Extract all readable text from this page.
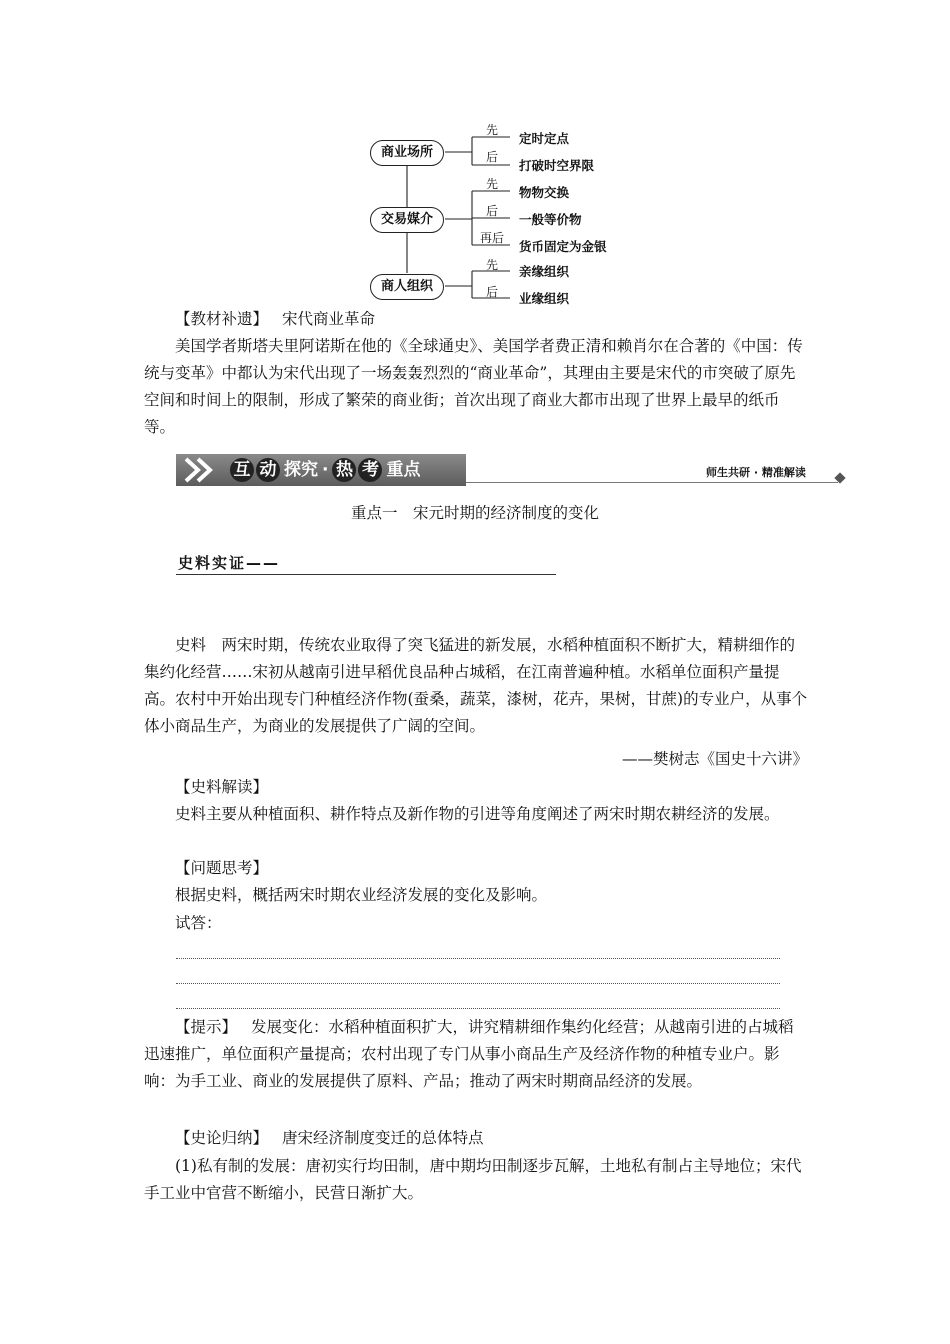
商业场所
交易媒介
商人组织
先
定时定点
后
打破时空界限
先
物物交换
后
一般等价物
再后
货币固定为金银
先 亲缘组织
后 业缘组织
【教材补遗】 宋代商业革命
美国学者斯塔夫里阿诺斯在他的《全球通史》、美国学者费正清和赖肖尔在合著的《中国：传统与变革》中都认为宋代出现了一场轰轰烈烈的“商业革命”，其理由主要是宋代的市突破了原先空间和时间上的限制，形成了繁荣的商业街；首次出现了商业大都市出现了世界上最早的纸币等。
互 动 探究 · 热 考 重点	师生共研 · 精准解读
重点一　宋元时期的经济制度的变化
史料实证——
史料　两宋时期，传统农业取得了突飞猛进的新发展，水稻种植面积不断扩大，精耕细作的集约化经营……宋初从越南引进早稻优良品种占城稻，在江南普遍种植。水稻单位面积产量提高。农村中开始出现专门种植经济作物(蚕桑，蔬菜，漆树，花卉，果树，甘蔗)的专业户，从事个体小商品生产，为商业的发展提供了广阔的空间。
——樊树志《国史十六讲》
【史料解读】
史料主要从种植面积、耕作特点及新作物的引进等角度阐述了两宋时期农耕经济的发展。
【问题思考】
根据史料，概括两宋时期农业经济发展的变化及影响。
试答：
【提示】 发展变化：水稻种植面积扩大，讲究精耕细作集约化经营；从越南引进的占城稻迅速推广，单位面积产量提高；农村出现了专门从事小商品生产及经济作物的种植专业户。影响：为手工业、商业的发展提供了原料、产品；推动了两宋时期商品经济的发展。
【史论归纳】 唐宋经济制度变迁的总体特点
(1)私有制的发展：唐初实行均田制，唐中期均田制逐步瓦解，土地私有制占主导地位；宋代手工业中官营不断缩小，民营日渐扩大。
